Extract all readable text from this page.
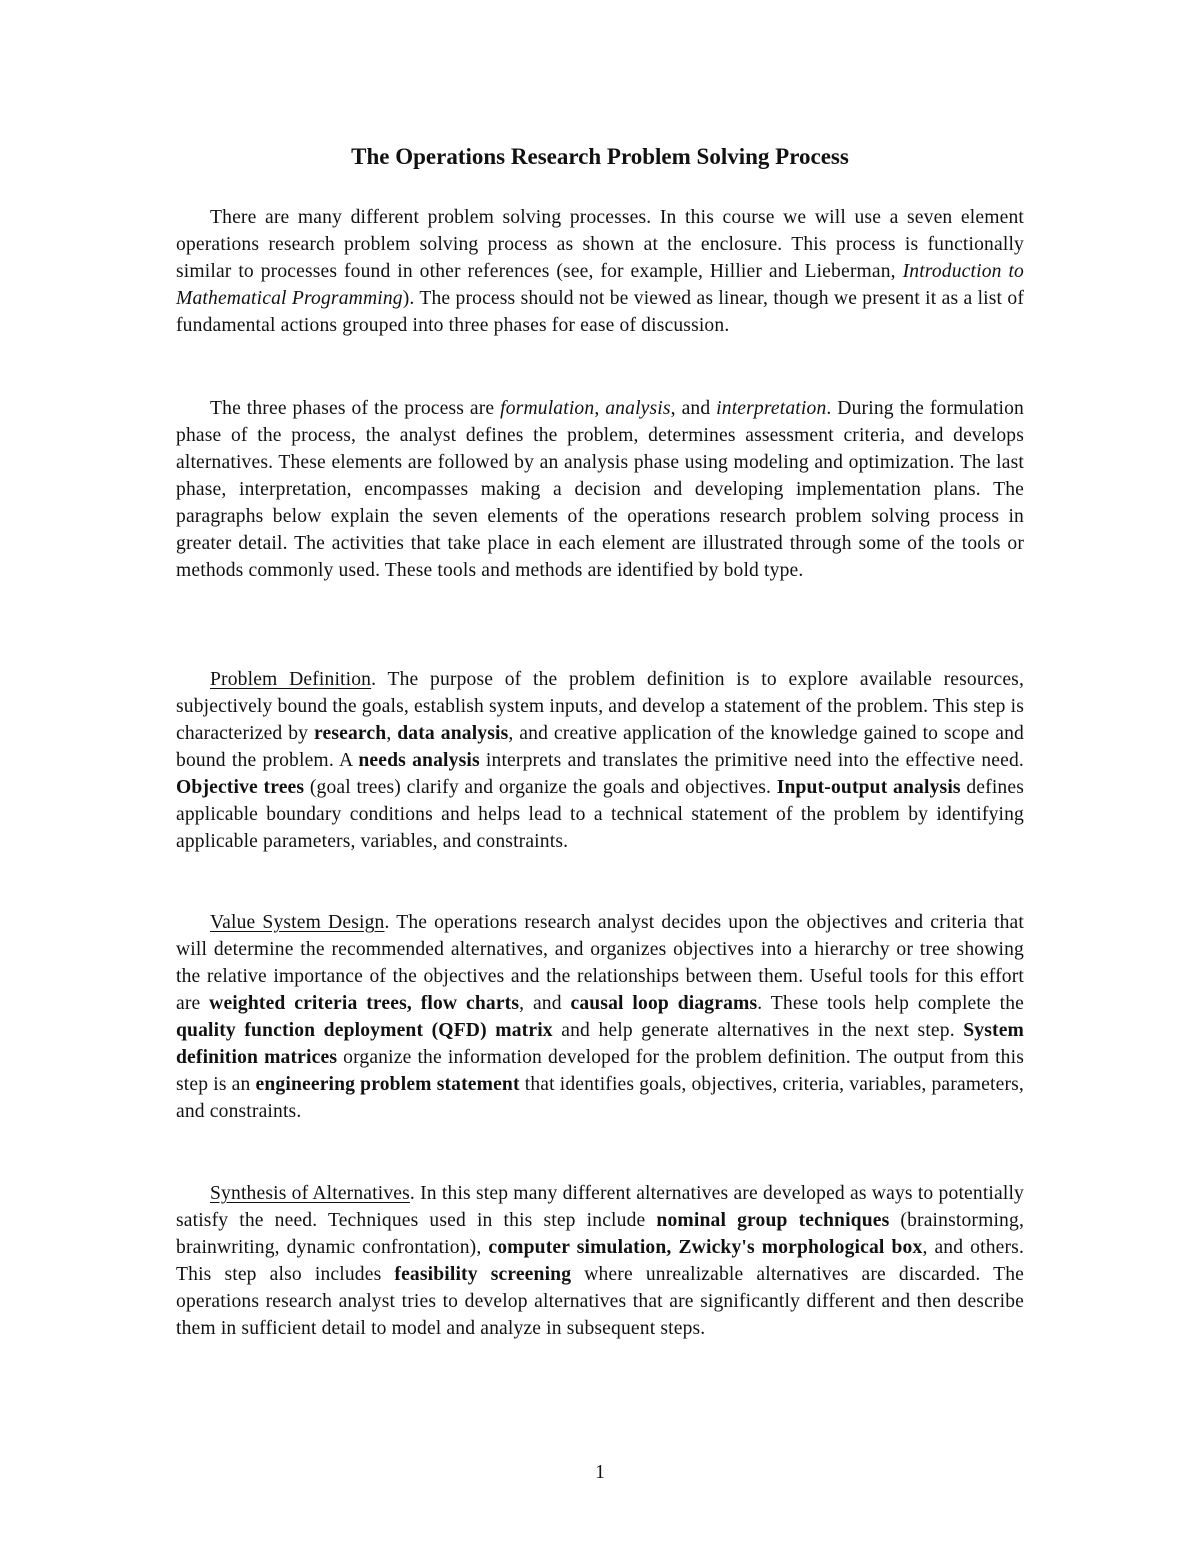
The Operations Research Problem Solving Process

There are many different problem solving processes. In this course we will use a seven element operations research problem solving process as shown at the enclosure. This process is functionally similar to processes found in other references (see, for example, Hillier and Lieberman, Introduction to Mathematical Programming). The process should not be viewed as linear, though we present it as a list of fundamental actions grouped into three phases for ease of discussion.

The three phases of the process are formulation, analysis, and interpretation. During the formulation phase of the process, the analyst defines the problem, determines assessment criteria, and develops alternatives. These elements are followed by an analysis phase using modeling and optimization. The last phase, interpretation, encompasses making a decision and developing implementation plans. The paragraphs below explain the seven elements of the operations research problem solving process in greater detail. The activities that take place in each element are illustrated through some of the tools or methods commonly used. These tools and methods are identified by bold type.

Problem Definition. The purpose of the problem definition is to explore available resources, subjectively bound the goals, establish system inputs, and develop a statement of the problem. This step is characterized by research, data analysis, and creative application of the knowledge gained to scope and bound the problem. A needs analysis interprets and translates the primitive need into the effective need. Objective trees (goal trees) clarify and organize the goals and objectives. Input-output analysis defines applicable boundary conditions and helps lead to a technical statement of the problem by identifying applicable parameters, variables, and constraints.

Value System Design. The operations research analyst decides upon the objectives and criteria that will determine the recommended alternatives, and organizes objectives into a hierarchy or tree showing the relative importance of the objectives and the relationships between them. Useful tools for this effort are weighted criteria trees, flow charts, and causal loop diagrams. These tools help complete the quality function deployment (QFD) matrix and help generate alternatives in the next step. System definition matrices organize the information developed for the problem definition. The output from this step is an engineering problem statement that identifies goals, objectives, criteria, variables, parameters, and constraints.

Synthesis of Alternatives. In this step many different alternatives are developed as ways to potentially satisfy the need. Techniques used in this step include nominal group techniques (brainstorming, brainwriting, dynamic confrontation), computer simulation, Zwicky's morphological box, and others. This step also includes feasibility screening where unrealizable alternatives are discarded. The operations research analyst tries to develop alternatives that are significantly different and then describe them in sufficient detail to model and analyze in subsequent steps.

1
